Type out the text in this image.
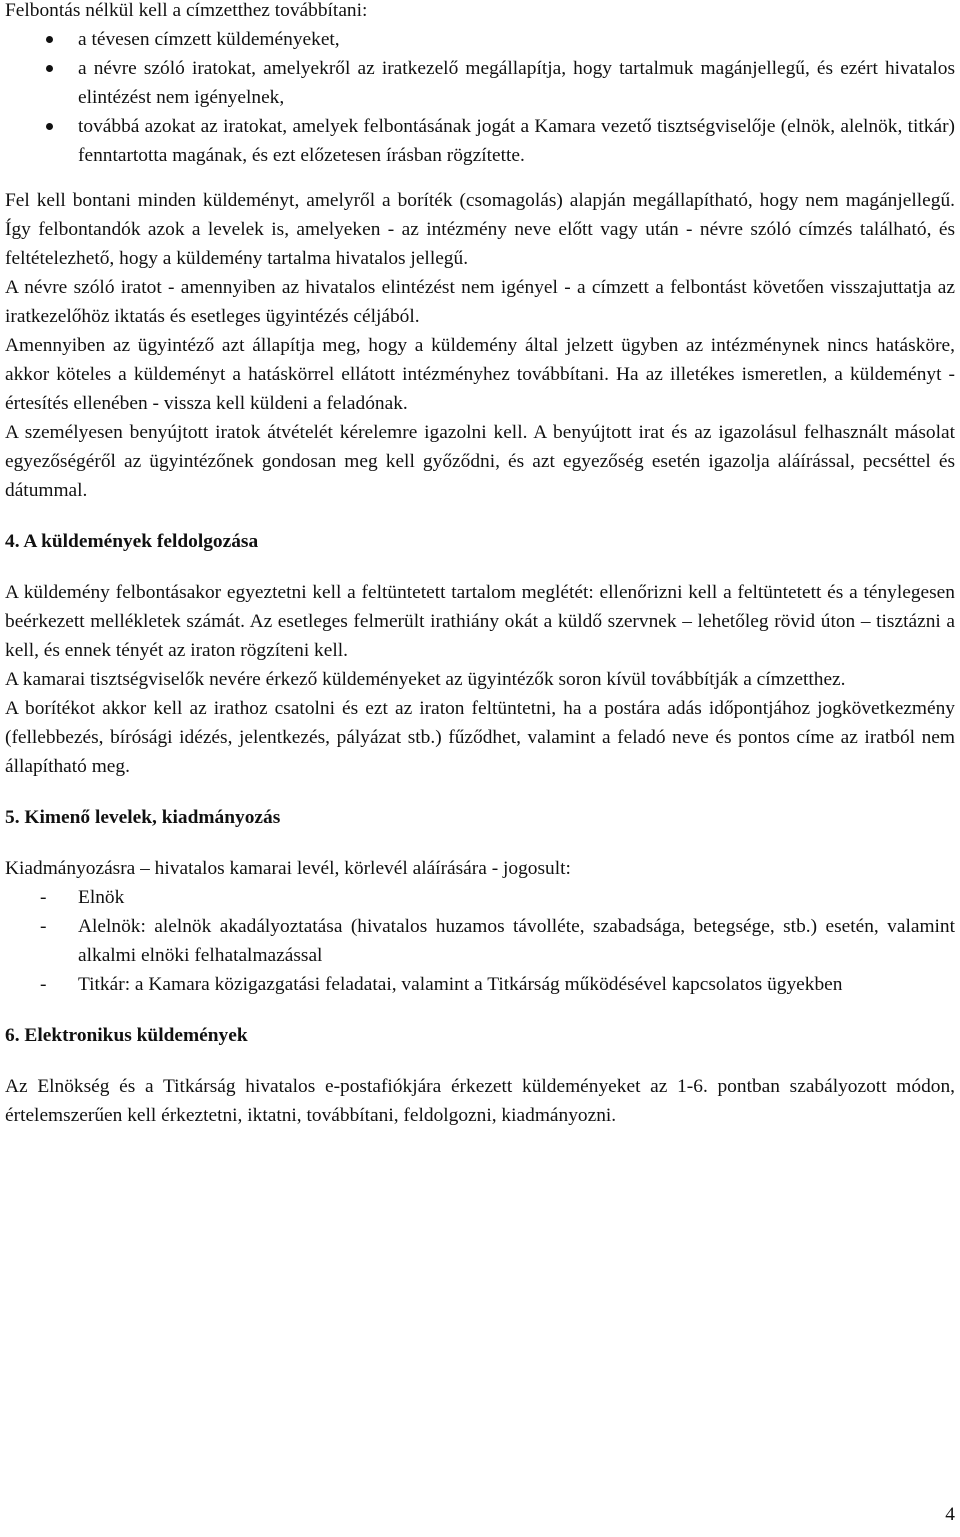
Felbontás nélkül kell a címzetthez továbbítani:

a tévesen címzett küldeményeket,
a névre szóló iratokat, amelyekről az iratkezelő megállapítja, hogy tartalmuk magánjellegű, és ezért hivatalos elintézést nem igényelnek,
továbbá azokat az iratokat, amelyek felbontásának jogát a Kamara vezető tisztségviselője (elnök, alelnök, titkár) fenntartotta magának, és ezt előzetesen írásban rögzítette.

Fel kell bontani minden küldeményt, amelyről a boríték (csomagolás) alapján megállapítható, hogy nem magánjellegű. Így felbontandók azok a levelek is, amelyeken - az intézmény neve előtt vagy után - névre szóló címzés található, és feltételezhető, hogy a küldemény tartalma hivatalos jellegű.

A névre szóló iratot - amennyiben az hivatalos elintézést nem igényel - a címzett a felbontást követően visszajuttatja az iratkezelőhöz iktatás és esetleges ügyintézés céljából.

Amennyiben az ügyintéző azt állapítja meg, hogy a küldemény által jelzett ügyben az intézménynek nincs hatásköre, akkor köteles a küldeményt a hatáskörrel ellátott intézményhez továbbítani. Ha az illetékes ismeretlen, a küldeményt - értesítés ellenében - vissza kell küldeni a feladónak.

A személyesen benyújtott iratok átvételét kérelemre igazolni kell. A benyújtott irat és az igazolásul felhasznált másolat egyezőségéről az ügyintézőnek gondosan meg kell győződni, és azt egyezőség esetén igazolja aláírással, pecséttel és dátummal.

4. A küldemények feldolgozása

A küldemény felbontásakor egyeztetni kell a feltüntetett tartalom meglétét: ellenőrizni kell a feltüntetett és a ténylegesen beérkezett mellékletek számát. Az esetleges felmerült irathiány okát a küldő szervnek – lehetőleg rövid úton – tisztázni a kell, és ennek tényét az iraton rögzíteni kell.

A kamarai tisztségviselők nevére érkező küldeményeket az ügyintézők soron kívül továbbítják a címzetthez.

A borítékot akkor kell az irathoz csatolni és ezt az iraton feltüntetni, ha a postára adás időpontjához jogkövetkezmény (fellebbezés, bírósági idézés, jelentkezés, pályázat stb.) fűződhet, valamint a feladó neve és pontos címe az iratból nem állapítható meg.

5. Kimenő levelek, kiadmányozás

Kiadmányozásra – hivatalos kamarai levél, körlevél aláírására - jogosult:

- Elnök
- Alelnök: alelnök akadályoztatása (hivatalos huzamos távolléte, szabadsága, betegsége, stb.) esetén, valamint alkalmi elnöki felhatalmazással
- Titkár: a Kamara közigazgatási feladatai, valamint a Titkárság működésével kapcsolatos ügyekben
6. Elektronikus küldemények

Az Elnökség és a Titkárság hivatalos e-postafiókjára érkezett küldeményeket az 1-6. pontban szabályozott módon, értelemszerűen kell érkeztetni, iktatni, továbbítani, feldolgozni, kiadmányozni.

4
